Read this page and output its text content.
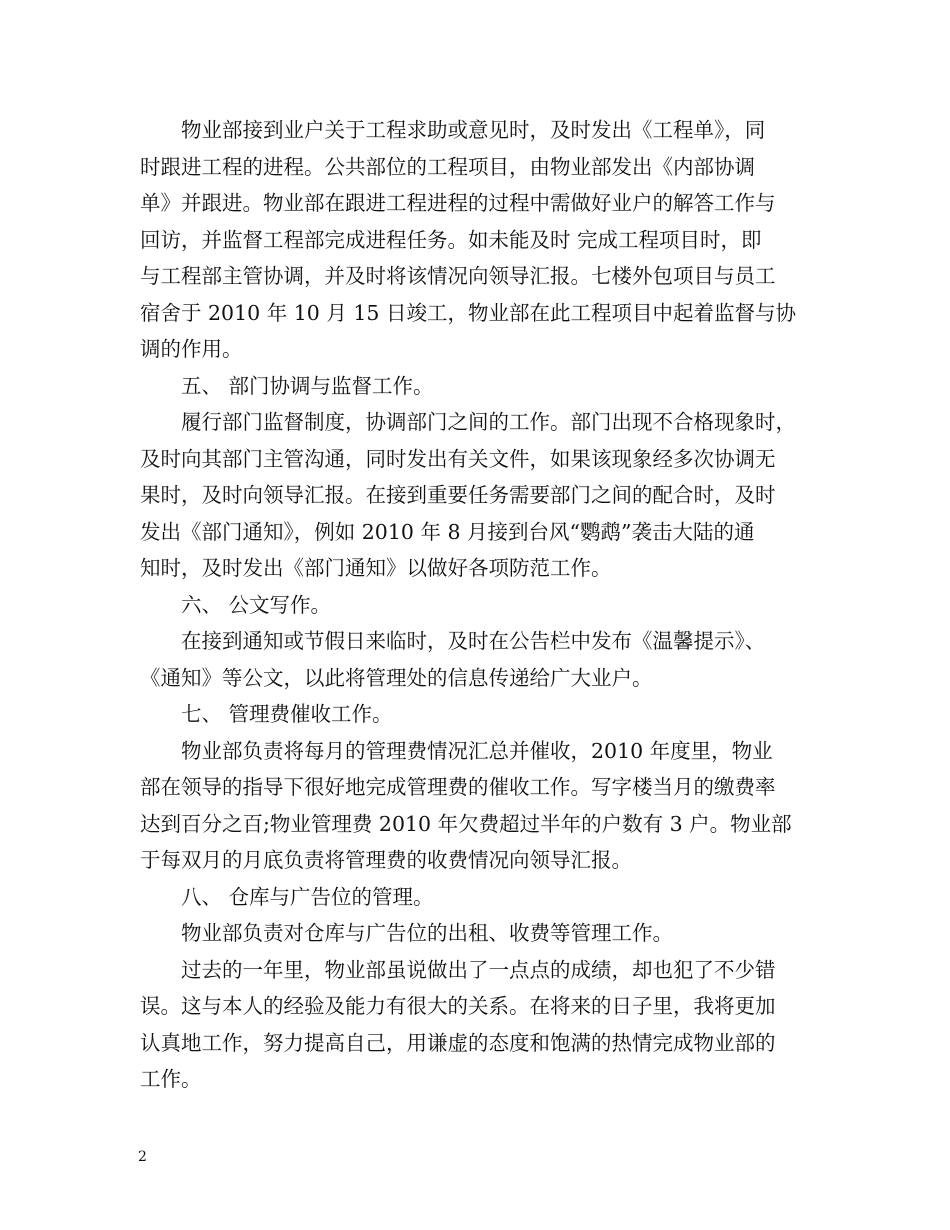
物业部接到业户关于工程求助或意见时，及时发出《工程单》，同
时跟进工程的进程。公共部位的工程项目，由物业部发出《内部协调
单》并跟进。物业部在跟进工程进程的过程中需做好业户的解答工作与
回访，并监督工程部完成进程任务。如未能及时 完成工程项目时，即
与工程部主管协调，并及时将该情况向领导汇报。七楼外包项目与员工
宿舍于 2010 年 10 月 15 日竣工，物业部在此工程项目中起着监督与协
调的作用。
五、 部门协调与监督工作。
履行部门监督制度，协调部门之间的工作。部门出现不合格现象时，
及时向其部门主管沟通，同时发出有关文件，如果该现象经多次协调无
果时，及时向领导汇报。在接到重要任务需要部门之间的配合时，及时
发出《部门通知》，例如 2010 年 8 月接到台风“鹦鹉”袭击大陆的通
知时，及时发出《部门通知》以做好各项防范工作。
六、 公文写作。
在接到通知或节假日来临时，及时在公告栏中发布《温馨提示》、
《通知》等公文，以此将管理处的信息传递给广大业户。
七、 管理费催收工作。
物业部负责将每月的管理费情况汇总并催收，2010 年度里，物业
部在领导的指导下很好地完成管理费的催收工作。写字楼当月的缴费率
达到百分之百;物业管理费 2010 年欠费超过半年的户数有 3 户。物业部
于每双月的月底负责将管理费的收费情况向领导汇报。
八、 仓库与广告位的管理。
物业部负责对仓库与广告位的出租、收费等管理工作。
过去的一年里，物业部虽说做出了一点点的成绩，却也犯了不少错
误。这与本人的经验及能力有很大的关系。在将来的日子里，我将更加
认真地工作，努力提高自己，用谦虚的态度和饱满的热情完成物业部的
工作。
2
